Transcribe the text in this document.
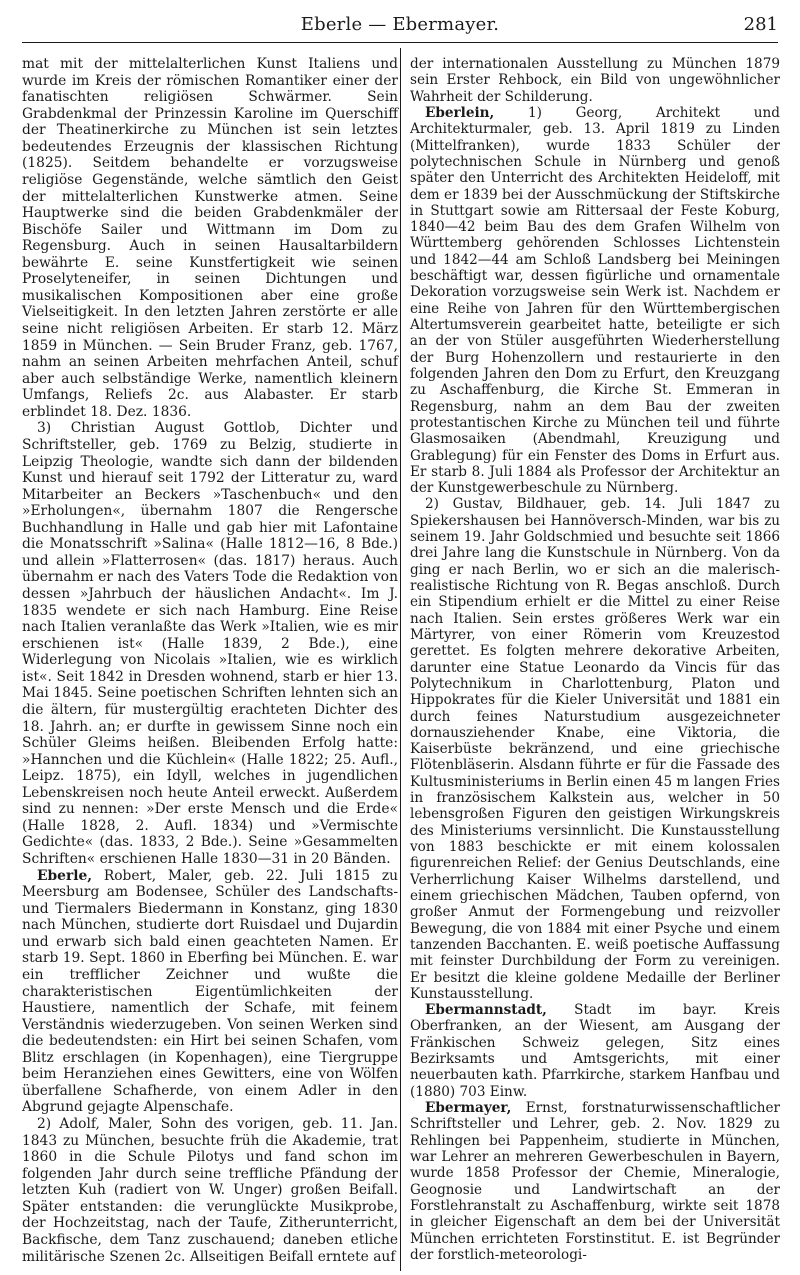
Eberle — Ebermayer.	281

mat mit der mittelalterlichen Kunst Italiens und wurde im Kreis der römischen Romantiker einer der fanatischten religiösen Schwärmer. Sein Grabdenkmal der Prinzessin Karoline im Querschiff der Theatinerkirche zu München ist sein letztes bedeutendes Erzeugnis der klassischen Richtung (1825). Seitdem behandelte er vorzugsweise religiöse Gegenstände, welche sämtlich den Geist der mittelalterlichen Kunstwerke atmen. Seine Hauptwerke sind die beiden Grabdenkmäler der Bischöfe Sailer und Wittmann im Dom zu Regensburg. Auch in seinen Hausaltarbildern bewährte E. seine Kunstfertigkeit wie seinen Proselyteneifer, in seinen Dichtungen und musikalischen Kompositionen aber eine große Vielseitigkeit. In den letzten Jahren zerstörte er alle seine nicht religiösen Arbeiten. Er starb 12. März 1859 in München. — Sein Bruder Franz, geb. 1767, nahm an seinen Arbeiten mehrfachen Anteil, schuf aber auch selbständige Werke, namentlich kleinern Umfangs, Reliefs 2c. aus Alabaster. Er starb erblindet 18. Dez. 1836.

3) Christian August Gottlob, Dichter und Schriftsteller, geb. 1769 zu Belzig, studierte in Leipzig Theologie, wandte sich dann der bildenden Kunst und hierauf seit 1792 der Litteratur zu, ward Mitarbeiter an Beckers »Taschenbuch« und den »Erholungen«, übernahm 1807 die Rengersche Buchhandlung in Halle und gab hier mit Lafontaine die Monatsschrift »Salina« (Halle 1812—16, 8 Bde.) und allein »Flatterrosen« (das. 1817) heraus. Auch übernahm er nach des Vaters Tode die Redaktion von dessen »Jahrbuch der häuslichen Andacht«. Im J. 1835 wendete er sich nach Hamburg. Eine Reise nach Italien veranlaßte das Werk »Italien, wie es mir erschienen ist« (Halle 1839, 2 Bde.), eine Widerlegung von Nicolais »Italien, wie es wirklich ist«. Seit 1842 in Dresden wohnend, starb er hier 13. Mai 1845. Seine poetischen Schriften lehnten sich an die ältern, für mustergültig erachteten Dichter des 18. Jahrh. an; er durfte in gewissem Sinne noch ein Schüler Gleims heißen. Bleibenden Erfolg hatte: »Hannchen und die Küchlein« (Halle 1822; 25. Aufl., Leipz. 1875), ein Idyll, welches in jugendlichen Lebenskreisen noch heute Anteil erweckt. Außerdem sind zu nennen: »Der erste Mensch und die Erde« (Halle 1828, 2. Aufl. 1834) und »Vermischte Gedichte« (das. 1833, 2 Bde.). Seine »Gesammelten Schriften« erschienen Halle 1830—31 in 20 Bänden.

Eberle, Robert, Maler, geb. 22. Juli 1815 zu Meersburg am Bodensee, Schüler des Landschafts- und Tiermalers Biedermann in Konstanz, ging 1830 nach München, studierte dort Ruisdael und Dujardin und erwarb sich bald einen geachteten Namen. Er starb 19. Sept. 1860 in Eberfing bei München. E. war ein trefflicher Zeichner und wußte die charakteristischen Eigentümlichkeiten der Haustiere, namentlich der Schafe, mit feinem Verständnis wiederzugeben. Von seinen Werken sind die bedeutendsten: ein Hirt bei seinen Schafen, vom Blitz erschlagen (in Kopenhagen), eine Tiergruppe beim Heranziehen eines Gewitters, eine von Wölfen überfallene Schafherde, von einem Adler in den Abgrund gejagte Alpenschafe.

2) Adolf, Maler, Sohn des vorigen, geb. 11. Jan. 1843 zu München, besuchte früh die Akademie, trat 1860 in die Schule Pilotys und fand schon im folgenden Jahr durch seine treffliche Pfändung der letzten Kuh (radiert von W. Unger) großen Beifall. Später entstanden: die verunglückte Musikprobe, der Hochzeitstag, nach der Taufe, Zitherunterricht, Backfische, dem Tanz zuschauend; daneben etliche militärische Szenen 2c. Allseitigen Beifall erntete auf

der internationalen Ausstellung zu München 1879 sein Erster Rehbock, ein Bild von ungewöhnlicher Wahrheit der Schilderung.

Eberlein, 1) Georg, Architekt und Architekturmaler, geb. 13. April 1819 zu Linden (Mittelfranken), wurde 1833 Schüler der polytechnischen Schule in Nürnberg und genoß später den Unterricht des Architekten Heideloff, mit dem er 1839 bei der Ausschmückung der Stiftskirche in Stuttgart sowie am Rittersaal der Feste Koburg, 1840—42 beim Bau des dem Grafen Wilhelm von Württemberg gehörenden Schlosses Lichtenstein und 1842—44 am Schloß Landsberg bei Meiningen beschäftigt war, dessen figürliche und ornamentale Dekoration vorzugsweise sein Werk ist. Nachdem er eine Reihe von Jahren für den Württembergischen Altertumsverein gearbeitet hatte, beteiligte er sich an der von Stüler ausgeführten Wiederherstellung der Burg Hohenzollern und restaurierte in den folgenden Jahren den Dom zu Erfurt, den Kreuzgang zu Aschaffenburg, die Kirche St. Emmeran in Regensburg, nahm an dem Bau der zweiten protestantischen Kirche zu München teil und führte Glasmosaiken (Abendmahl, Kreuzigung und Grablegung) für ein Fenster des Doms in Erfurt aus. Er starb 8. Juli 1884 als Professor der Architektur an der Kunstgewerbeschule zu Nürnberg.

2) Gustav, Bildhauer, geb. 14. Juli 1847 zu Spiekershausen bei Hannöversch-Minden, war bis zu seinem 19. Jahr Goldschmied und besuchte seit 1866 drei Jahre lang die Kunstschule in Nürnberg. Von da ging er nach Berlin, wo er sich an die malerisch-realistische Richtung von R. Begas anschloß. Durch ein Stipendium erhielt er die Mittel zu einer Reise nach Italien. Sein erstes größeres Werk war ein Märtyrer, von einer Römerin vom Kreuzestod gerettet. Es folgten mehrere dekorative Arbeiten, darunter eine Statue Leonardo da Vincis für das Polytechnikum in Charlottenburg, Platon und Hippokrates für die Kieler Universität und 1881 ein durch feines Naturstudium ausgezeichneter dornausziehender Knabe, eine Viktoria, die Kaiserbüste bekränzend, und eine griechische Flötenbläserin. Alsdann führte er für die Fassade des Kultusministeriums in Berlin einen 45 m langen Fries in französischem Kalkstein aus, welcher in 50 lebensgroßen Figuren den geistigen Wirkungskreis des Ministeriums versinnlicht. Die Kunstausstellung von 1883 beschickte er mit einem kolossalen figurenreichen Relief: der Genius Deutschlands, eine Verherrlichung Kaiser Wilhelms darstellend, und einem griechischen Mädchen, Tauben opfernd, von großer Anmut der Formengebung und reizvoller Bewegung, die von 1884 mit einer Psyche und einem tanzenden Bacchanten. E. weiß poetische Auffassung mit feinster Durchbildung der Form zu vereinigen. Er besitzt die kleine goldene Medaille der Berliner Kunstausstellung.

Ebermannstadt, Stadt im bayr. Kreis Oberfranken, an der Wiesent, am Ausgang der Fränkischen Schweiz gelegen, Sitz eines Bezirksamts und Amtsgerichts, mit einer neuerbauten kath. Pfarrkirche, starkem Hanfbau und (1880) 703 Einw.

Ebermayer, Ernst, forstnaturwissenschaftlicher Schriftsteller und Lehrer, geb. 2. Nov. 1829 zu Rehlingen bei Pappenheim, studierte in München, war Lehrer an mehreren Gewerbeschulen in Bayern, wurde 1858 Professor der Chemie, Mineralogie, Geognosie und Landwirtschaft an der Forstlehranstalt zu Aschaffenburg, wirkte seit 1878 in gleicher Eigenschaft an dem bei der Universität München errichteten Forstinstitut. E. ist Begründer der forstlich-meteorologi-
